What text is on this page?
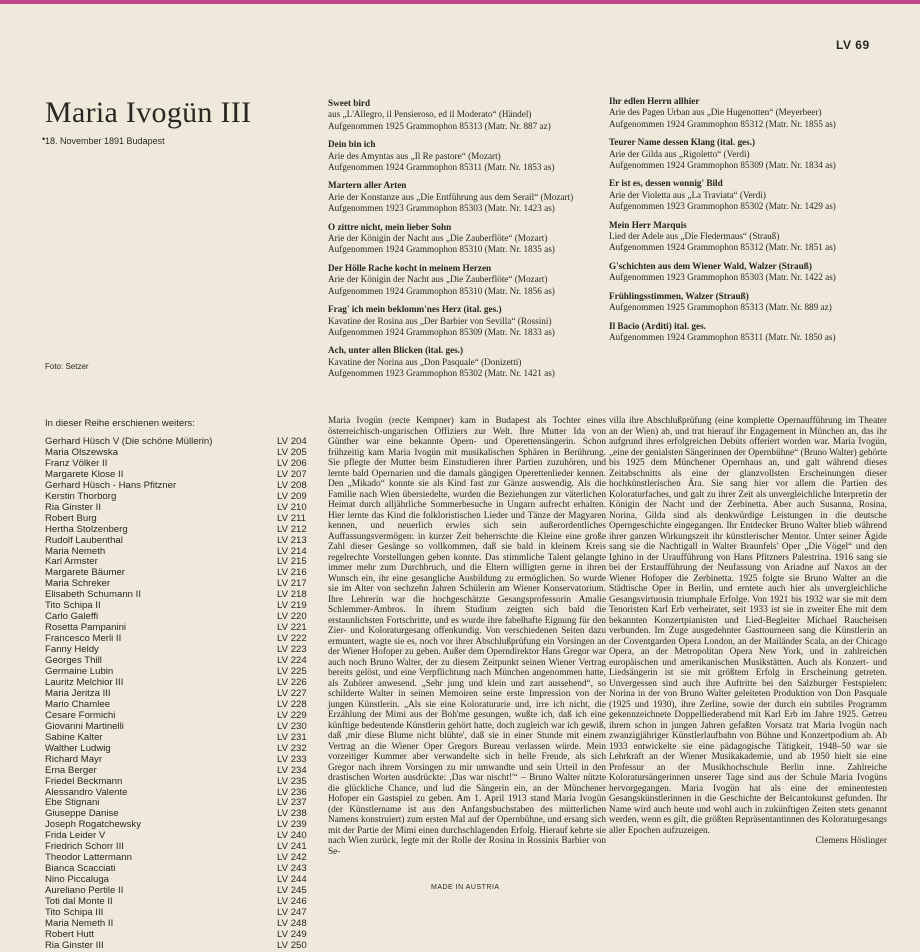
LV 69
Maria Ivogün III
• 18. November 1891 Budapest
Foto: Setzer
Sweet bird
aus „L'Allegro, il Pensieroso, ed il Moderato“ (Händel)
Aufgenommen 1925 Grammophon 85313 (Matr. Nr. 887 az)
Dein bin ich
Arie des Amyntas aus „Il Re pastore“ (Mozart)
Aufgenommen 1924 Grammophon 85311 (Matr. Nr. 1853 as)
Martern aller Arten
Arie der Konstanze aus „Die Entführung aus dem Serail“ (Mozart)
Aufgenommen 1923 Grammophon 85303 (Matr. Nr. 1423 as)
O zittre nicht, mein lieber Sohn
Arie der Königin der Nacht aus „Die Zauberflöte“ (Mozart)
Aufgenommen 1924 Grammophon 85310 (Matr. Nr. 1835 as)
Der Hölle Rache kocht in meinem Herzen
Arie der Königin der Nacht aus „Die Zauberflöte“ (Mozart)
Aufgenommen 1924 Grammophon 85310 (Matr. Nr. 1856 as)
Frag' ich mein beklomm'nes Herz (ital. ges.)
Kavatine der Rosina aus „Der Barbier von Sevilla“ (Rossini)
Aufgenommen 1924 Grammophon 85309 (Matr. Nr. 1833 as)
Ach, unter allen Blicken (ital. ges.)
Kavatine der Norina aus „Don Pasquale“ (Donizetti)
Aufgenommen 1923 Grammophon 85302 (Matr. Nr. 1421 as)
Ihr edlen Herrn allhier
Arie des Pagen Urban aus „Die Hugenotten“ (Meyerbeer)
Aufgenommen 1924 Grammophon 85312 (Matr. Nr. 1855 as)
Teurer Name dessen Klang (ital. ges.)
Arie der Gilda aus „Rigoletto“ (Verdi)
Aufgenommen 1924 Grammophon 85309 (Matr. Nr. 1834 as)
Er ist es, dessen wonnig' Bild
Arie der Violetta aus „La Traviata“ (Verdi)
Aufgenommen 1923 Grammophon 85302 (Matr. Nr. 1429 as)
Mein Herr Marquis
Lied der Adele aus „Die Fledermaus“ (Strauß)
Aufgenommen 1924 Grammophon 85312 (Matr. Nr. 1851 as)
G'schichten aus dem Wiener Wald, Walzer (Strauß)
Aufgenommen 1923 Grammophon 85303 (Matr. Nr. 1422 as)
Frühlingsstimmen, Walzer (Strauß)
Aufgenommen 1925 Grammophon 85313 (Matr. Nr. 889 az)
Il Bacio (Arditi) ital. ges.
Aufgenommen 1924 Grammophon 85311 (Matr. Nr. 1850 as)
In dieser Reihe erschienen weiters:
Gerhard Hüsch V (Die schöne Müllerin)	LV 204
Maria Olszewska	LV 205
Franz Völker II	LV 206
Margarete Klose II	LV 207
Gerhard Hüsch - Hans Pfitzner	LV 208
Kerstin Thorborg	LV 209
Ria Ginster II	LV 210
Robert Burg	LV 211
Hertha Stolzenberg	LV 212
Rudolf Laubenthal	LV 213
Maria Nemeth	LV 214
Karl Armster	LV 215
Margarete Bäumer	LV 216
Maria Schreker	LV 217
Elisabeth Schumann II	LV 218
Tito Schipa II	LV 219
Carlo Galeffi	LV 220
Rosetta Pampanini	LV 221
Francesco Merli II	LV 222
Fanny Heldy	LV 223
Georges Thill	LV 224
Germaine Lubin	LV 225
Lauritz Melchior III	LV 226
Maria Jeritza III	LV 227
Mario Chamlee	LV 228
Cesare Formichi	LV 229
Giovanni Martinelli	LV 230
Sabine Kalter	LV 231
Walther Ludwig	LV 232
Richard Mayr	LV 233
Erna Berger	LV 234
Friedel Beckmann	LV 235
Alessandro Valente	LV 236
Ebe Stignani	LV 237
Giuseppe Danise	LV 238
Joseph Rogatchewsky	LV 239
Frida Leider V	LV 240
Friedrich Schorr III	LV 241
Theodor Lattermann	LV 242
Bianca Scacciati	LV 243
Nino Piccaluga	LV 244
Aureliano Pertile II	LV 245
Toti dal Monte II	LV 246
Tito Schipa III	LV 247
Maria Nemeth II	LV 248
Robert Hutt	LV 249
Ria Ginster III	LV 250
Maria Ivogün (recte Kempner) kam in Budapest als Tochter eines österreichisch-ungarischen Offiziers zur Welt. Ihre Mutter Ida von Günther war eine bekannte Opern- und Operettensängerin. Schon frühzeitig kam Maria Ivogün mit musikalischen Sphären in Berührung. Sie pflegte der Mutter beim Einstudieren ihrer Partien zuzuhören, und lernte bald Opernarien und die damals gängigen Operettenlieder kennen. Den „Mikado“ konnte sie als Kind fast zur Gänze auswendig. Als die Familie nach Wien übersiedelte, wurden die Beziehungen zur väterlichen Heimat durch alljährliche Sommerbesuche in Ungarn aufrecht erhalten. Hier lernte das Kind die folkloristischen Lieder und Tänze der Magyaren kennen, und neuerlich erwies sich sein außerordentliches Auffassungsvermögen: in kurzer Zeit beherrschte die Kleine eine große Zahl dieser Gesänge so vollkommen, daß sie bald in kleinem Kreis regelrechte Vorstellungen geben konnte. Das stimmliche Talent gelangte immer mehr zum Durchbruch, und die Eltern willigten gerne in ihren Wunsch ein, ihr eine gesangliche Ausbildung zu ermöglichen. So wurde sie im Alter von sechzehn Jahren Schülerin am Wiener Konservatorium. Ihre Lehrerin war die hochgeschätzte Gesangsprofessorin Amalie Schlemmer-Ambros. In ihrem Studium zeigten sich bald die erstaunlichsten Fortschritte, und es wurde ihre fabelhafte Eignung für den Zier- und Koloraturgesang offenkundig. Von verschiedenen Seiten dazu ermuntert, wagte sie es, noch vor ihrer Abschlußprüfung ein Vorsingen an der Wiener Hofoper zu geben. Außer dem Operndirektor Hans Gregor war auch noch Bruno Walter, der zu diesem Zeitpunkt seinen Wiener Vertrag bereits gelöst, und eine Verpflichtung nach München angenommen hatte, als Zuhörer anwesend. „Sehr jung und klein und zart aussehend“, so schilderte Walter in seinen Memoiren seine erste Impression von der jungen Künstlerin. „Als sie eine Koloraturarie und, irre ich nicht, die Erzählung der Mimi aus der Boh'me gesungen, wußte ich, daß ich eine künftige bedeutende Künstlerin gehört hatte, doch zugleich war ich gewiß, daß ,mir diese Blume nicht blühte', daß sie in einer Stunde mit einem Vertrag an die Wiener Oper Gregors Bureau verlassen würde. Mein vorzeitiger Kummer aber verwandelte sich in helle Freude, als sich Gregor nach ihrem Vorsingen zu mir umwandte und sein Urteil in den drastischen Worten ausdrückte: ,Das war nischt!'“ – Bruno Walter nützte die glückliche Chance, und lud die Sängerin ein, an der Münchener Hofoper ein Gastspiel zu geben. Am 1. April 1913 stand Maria Ivogün (der Künstlername ist aus den Anfangsbuchstaben des mütterlichen Namens konstruiert) zum ersten Mal auf der Opernbühne, und ersang sich mit der Partie der Mimi einen durchschlagenden Erfolg. Hierauf kehrte sie nach Wien zurück, legte mit der Rolle der Rosina in Rossinis Barbier von Se-
villa ihre Abschlußprüfung (eine komplette Opernaufführung im Theater an der Wien) ab, und trat hierauf ihr Engagement in München an, das ihr aufgrund ihres erfolgreichen Debüts offeriert worden war. Maria Ivogün, „eine der genialsten Sängerinnen der Opernbühne“ (Bruno Walter) gehörte bis 1925 dem Münchener Opernhaus an, und galt während dieses Zeitabschnitts als eine der glanzvollsten Erscheinungen dieser hochkünstlerischen Ära. Sie sang hier vor allem die Partien des Koloraturfaches, und galt zu ihrer Zeit als unvergleichliche Interpretin der Königin der Nacht und der Zerbinetta. Aber auch Susanna, Rosina, Norina, Gilda sind als denkwürdige Leistungen in die deutsche Operngeschichte eingegangen. Ihr Entdecker Bruno Walter blieb während ihrer ganzen Wirkungszeit ihr künstlerischer Mentor. Unter seiner Ägide sang sie die Nachtigall in Walter Braunfels' Oper „Die Vögel“ und den Ighino in der Uraufführung von Hans Pfitzners Palestrina. 1916 sang sie bei der Erstaufführung der Neufassung von Ariadne auf Naxos an der Wiener Hofoper die Zerbinetta. 1925 folgte sie Bruno Walter an die Städtische Oper in Berlin, und erntete auch hier als unvergleichliche Gesangsvirtuosin triumphale Erfolge. Von 1921 bis 1932 war sie mit dem Tenoristen Karl Erb verheiratet, seit 1933 ist sie in zweiter Ehe mit dem bekannten Konzertpianisten und Lied-Begleiter Michael Raucheisen verbunden. Im Zuge ausgedehnter Gasttourneen sang die Künstlerin an der Coventgarden Opera London, an der Mailänder Scala, an der Chicago Opera, an der Metropolitan Opera New York, und in zahlreichen europäischen und amerikanischen Musikstätten. Auch als Konzert- und Liedsängerin ist sie mit größtem Erfolg in Erscheinung getreten. Unvergessen sind auch ihre Auftritte bei den Salzburger Festspielen: Norina in der von Bruno Walter geleiteten Produktion von Don Pasquale (1925 und 1930), ihre Zerline, sowie der durch ein subtiles Programm gekennzeichnete Doppelliederabend mit Karl Erb im Jahre 1925. Getreu ihrem schon in jungen Jahren gefaßten Vorsatz trat Maria Ivogün nach zwanzigjähriger Künstlerlaufbahn von Bühne und Konzertpodium ab. Ab 1933 entwickelte sie eine pädagogische Tätigkeit, 1948–50 war sie Lehrkraft an der Wiener Musikakademie, und ab 1950 hielt sie eine Professur an der Musikhochschule Berlin inne. Zahlreiche Koloratursängerinnen unserer Tage sind aus der Schule Maria Ivogüns hervorgegangen. Maria Ivogün hat als eine der eminentesten Gesangskünstlerinnen in die Geschichte der Belcantokunst gefunden. Ihr Name wird auch heute und wohl auch in zukünftigen Zeiten stets genannt werden, wenn es gilt, die größten Repräsentantinnen des Koloraturgesangs aller Epochen aufzuzeigen.
Clemens Höslinger
MADE IN AUSTRIA
